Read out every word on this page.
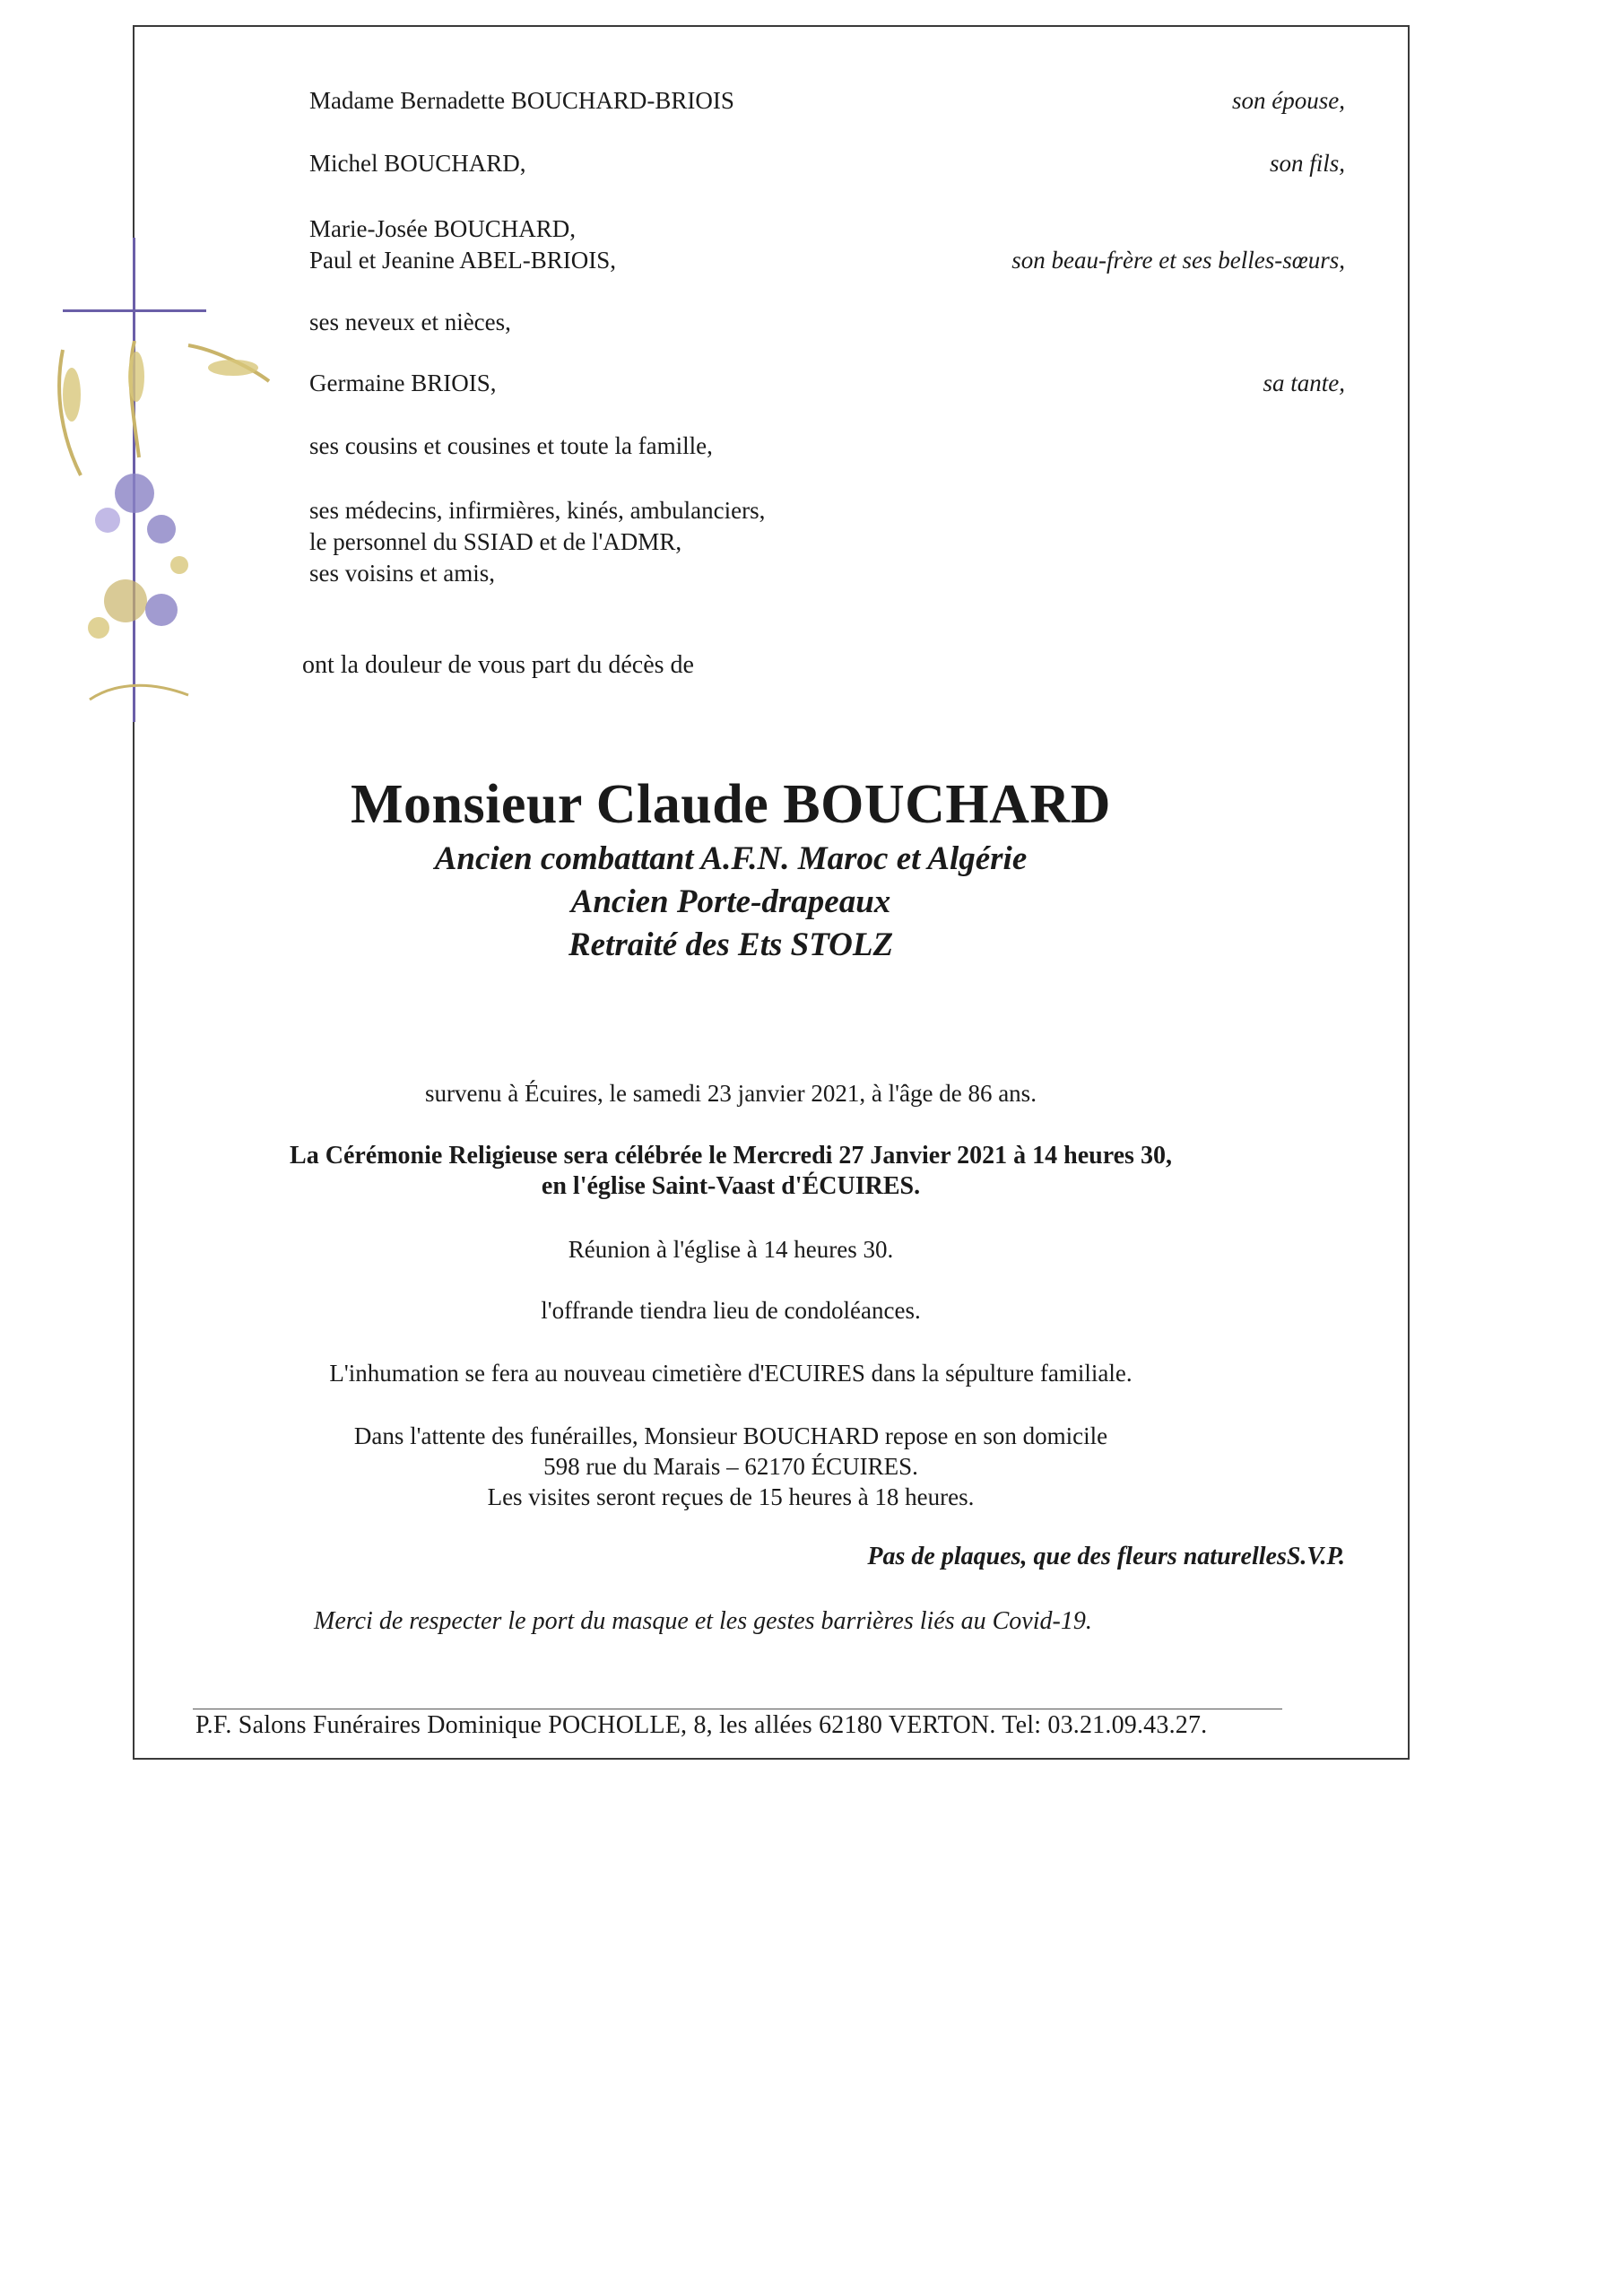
Madame Bernadette BOUCHARD-BRIOIS	son épouse,
Michel BOUCHARD,	son fils,
Marie-Josée BOUCHARD,
Paul et Jeanine ABEL-BRIOIS,	son beau-frère et ses belles-sœurs,
ses neveux et nièces,
Germaine BRIOIS,	sa tante,
ses cousins et cousines et toute la famille,
ses médecins, infirmières, kinés, ambulanciers,
le personnel du SSIAD et de l'ADMR,
ses voisins et amis,
ont la douleur de vous part du décès de
Monsieur Claude BOUCHARD
Ancien combattant A.F.N. Maroc et Algérie
Ancien Porte-drapeaux
Retraité des Ets STOLZ
survenu à Écuires, le samedi 23 janvier 2021, à l'âge de 86 ans.
La Cérémonie Religieuse sera célébrée le Mercredi 27 Janvier 2021 à 14 heures 30,
en l'église Saint-Vaast d'ÉCUIRES.
Réunion à l'église à 14 heures 30.
l'offrande tiendra lieu de condoléances.
L'inhumation se fera au nouveau cimetière d'ECUIRES dans la sépulture familiale.
Dans l'attente des funérailles, Monsieur BOUCHARD repose en son domicile
598 rue du Marais – 62170 ÉCUIRES.
Les visites seront reçues de 15 heures à 18 heures.
Pas de plaques, que des fleurs naturellesS.V.P.
Merci de respecter le port du masque et les gestes barrières liés au Covid-19.
P.F. Salons Funéraires Dominique POCHOLLE, 8, les allées 62180 VERTON. Tel: 03.21.09.43.27.
